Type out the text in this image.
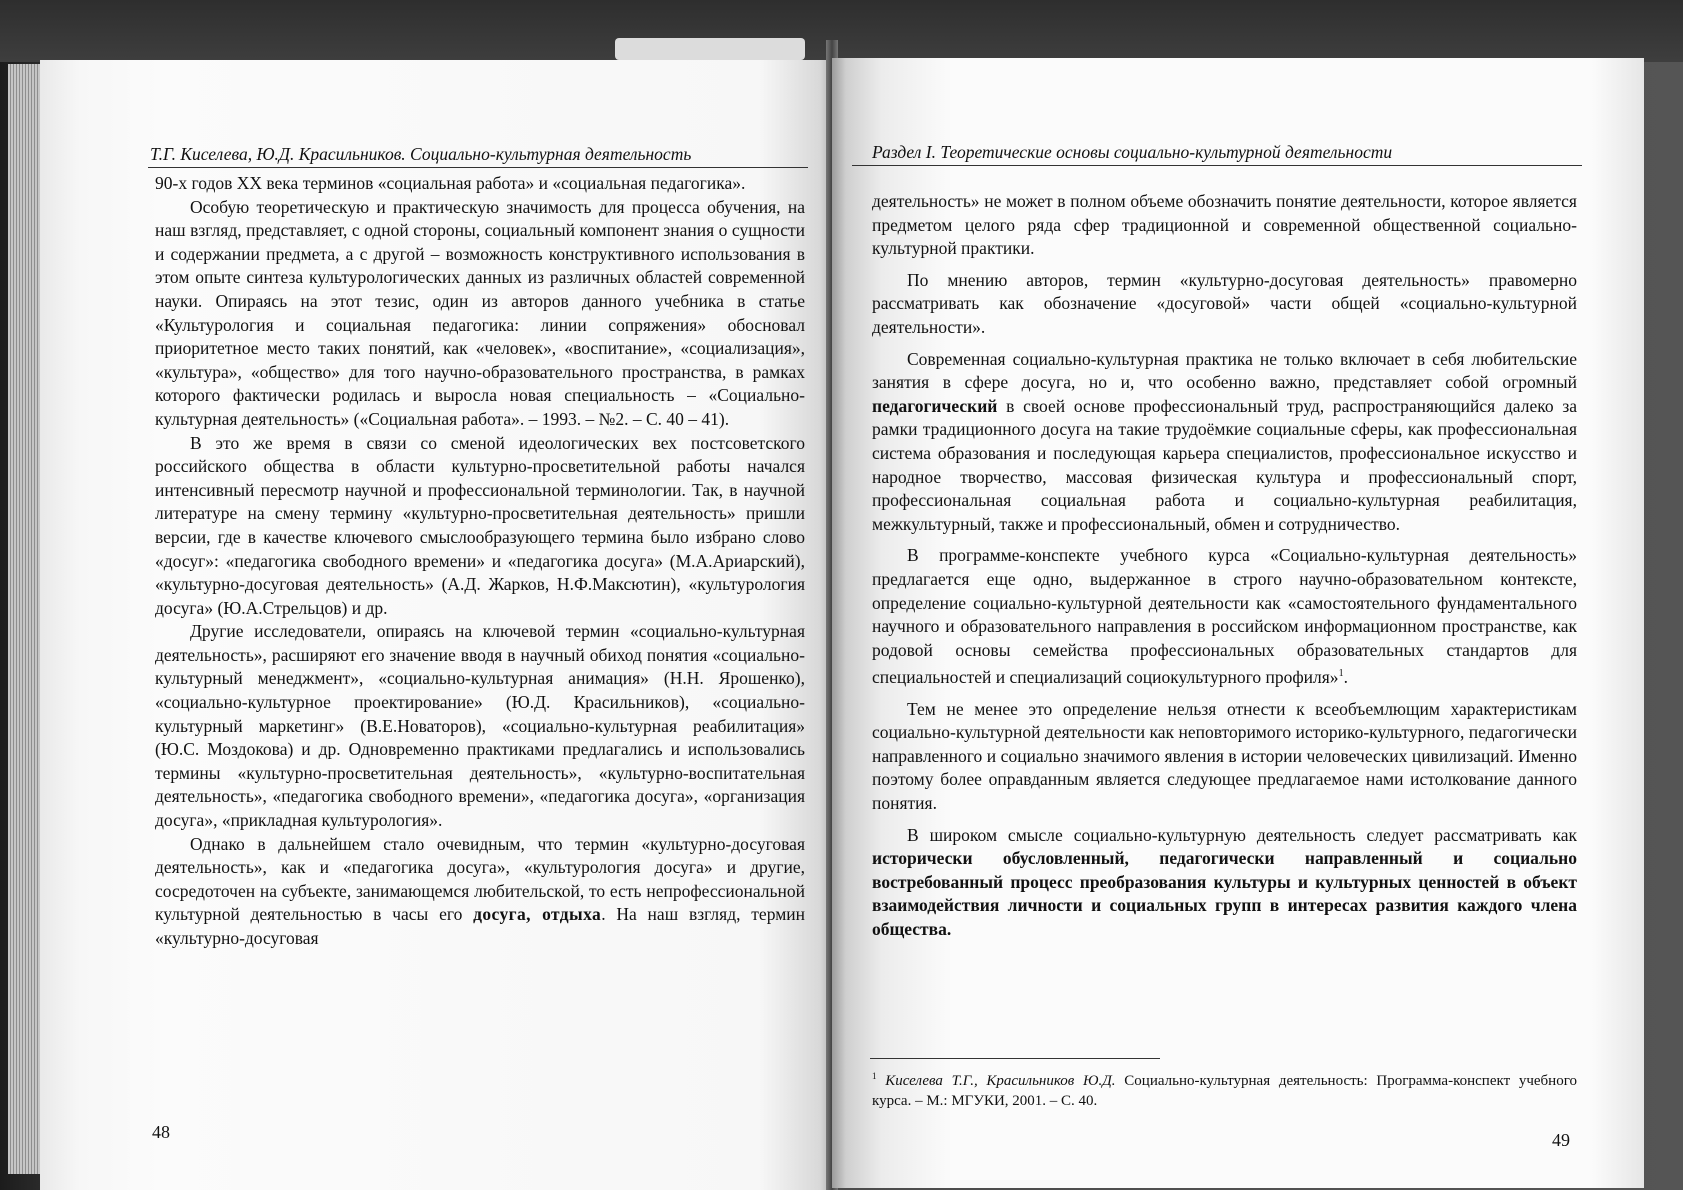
Т.Г. Киселева, Ю.Д. Красильников. Социально-культурная деятельность

90-х годов XX века терминов «социальная работа» и «социальная педагогика».

Особую теоретическую и практическую значимость для процесса обучения, на наш взгляд, представляет, с одной стороны, социальный компонент знания о сущности и содержании предмета, а с другой – возможность конструктивного использования в этом опыте синтеза культурологических данных из различных областей современной науки. Опираясь на этот тезис, один из авторов данного учебника в статье «Культурология и социальная педагогика: линии сопряжения» обосновал приоритетное место таких понятий, как «человек», «воспитание», «социализация», «культура», «общество» для того научно-образовательного пространства, в рамках которого фактически родилась и выросла новая специальность – «Социально-культурная деятельность» («Социальная работа». – 1993. – №2. – С. 40 – 41).

В это же время в связи со сменой идеологических вех постсоветского российского общества в области культурно-просветительной работы начался интенсивный пересмотр научной и профессиональной терминологии. Так, в научной литературе на смену термину «культурно-просветительная деятельность» пришли версии, где в качестве ключевого смыслообразующего термина было избрано слово «досуг»: «педагогика свободного времени» и «педагогика досуга» (М.А.Ариарский), «культурно-досуговая деятельность» (А.Д. Жарков, Н.Ф.Максютин), «культурология досуга» (Ю.А.Стрельцов) и др.

Другие исследователи, опираясь на ключевой термин «социально-культурная деятельность», расширяют его значение вводя в научный обиход понятия «социально-культурный менеджмент», «социально-культурная анимация» (Н.Н. Ярошенко), «социально-культурное проектирование» (Ю.Д. Красильников), «социально-культурный маркетинг» (В.Е.Новаторов), «социально-культурная реабилитация» (Ю.С. Моздокова) и др. Одновременно практиками предлагались и использовались термины «культурно-просветительная деятельность», «культурно-воспитательная деятельность», «педагогика свободного времени», «педагогика досуга», «организация досуга», «прикладная культурология».

Однако в дальнейшем стало очевидным, что термин «культурно-досуговая деятельность», как и «педагогика досуга», «культурология досуга» и другие, сосредоточен на субъекте, занимающемся любительской, то есть непрофессиональной культурной деятельностью в часы его досуга, отдыха. На наш взгляд, термин «культурно-досуговая

48
Раздел I. Теоретические основы социально-культурной деятельности

деятельность» не может в полном объеме обозначить понятие деятельности, которое является предметом целого ряда сфер традиционной и современной общественной социально-культурной практики.

По мнению авторов, термин «культурно-досуговая деятельность» правомерно рассматривать как обозначение «досуговой» части общей «социально-культурной деятельности».

Современная социально-культурная практика не только включает в себя любительские занятия в сфере досуга, но и, что особенно важно, представляет собой огромный педагогический в своей основе профессиональный труд, распространяющийся далеко за рамки традиционного досуга на такие трудоёмкие социальные сферы, как профессиональная система образования и последующая карьера специалистов, профессиональное искусство и народное творчество, массовая физическая культура и профессиональный спорт, профессиональная социальная работа и социально-культурная реабилитация, межкультурный, также и профессиональный, обмен и сотрудничество.

В программе-конспекте учебного курса «Социально-культурная деятельность» предлагается еще одно, выдержанное в строго научно-образовательном контексте, определение социально-культурной деятельности как «самостоятельного фундаментального научного и образовательного направления в российском информационном пространстве, как родовой основы семейства профессиональных образовательных стандартов для специальностей и специализаций социокультурного профиля»$^1$.

Тем не менее это определение нельзя отнести к всеобъемлющим характеристикам социально-культурной деятельности как неповторимого историко-культурного, педагогически направленного и социально значимого явления в истории человеческих цивилизаций. Именно поэтому более оправданным является следующее предлагаемое нами истолкование данного понятия.

В широком смысле социально-культурную деятельность следует рассматривать как исторически обусловленный, педагогически направленный и социально востребованный процесс преобразования культуры и культурных ценностей в объект взаимодействия личности и социальных групп в интересах развития каждого члена общества.

$^1$ Киселева Т.Г., Красильников Ю.Д. Социально-культурная деятельность: Программа-конспект учебного курса. – М.: МГУКИ, 2001. – С. 40.
49
